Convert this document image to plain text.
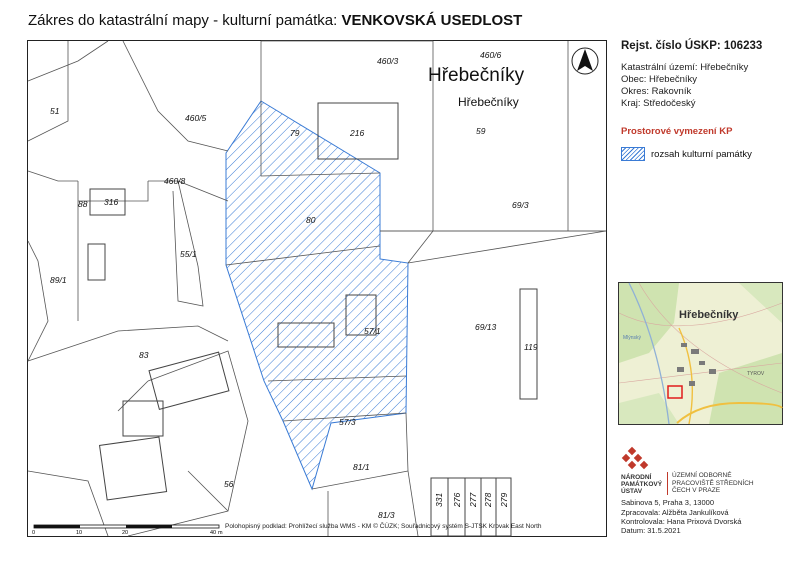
Zákres do katastrální mapy - kulturní památka: VENKOVSKÁ USEDLOST
460/3
460/6
51
460/5
79	216	59
88 316
460/8
80
69/3
55/1
89/1
57/1	69/13
83
119
57/3
81/1
56
81/3
331 276 277 278 279
Hřebečníky
Hřebečníky
0	10	20	40 m
Polohopisný podklad: Prohlížecí služba WMS - KM © ČÚZK; Souřadnicový systém S-JTSK Krovak East North
Rejst. číslo ÚSKP: 106233
Katastrální území: Hřebečníky
Obec: Hřebečníky
Okres: Rakovník
Kraj: Středočeský
Prostorové vymezení KP
rozsah kulturní památky
Hřebečníky
Mlýnský
TYROV
NÁRODNÍ
PAMÁTKOVÝ
ÚSTAV
ÚZEMNÍ ODBORNÉ
PRACOVIŠTĚ STŘEDNÍCH
ČECH V PRAZE
Sabinova 5, Praha 3, 13000
Zpracovala: Alžběta Jankulíková
Kontrolovala: Hana Prixová Dvorská
Datum: 31.5.2021
